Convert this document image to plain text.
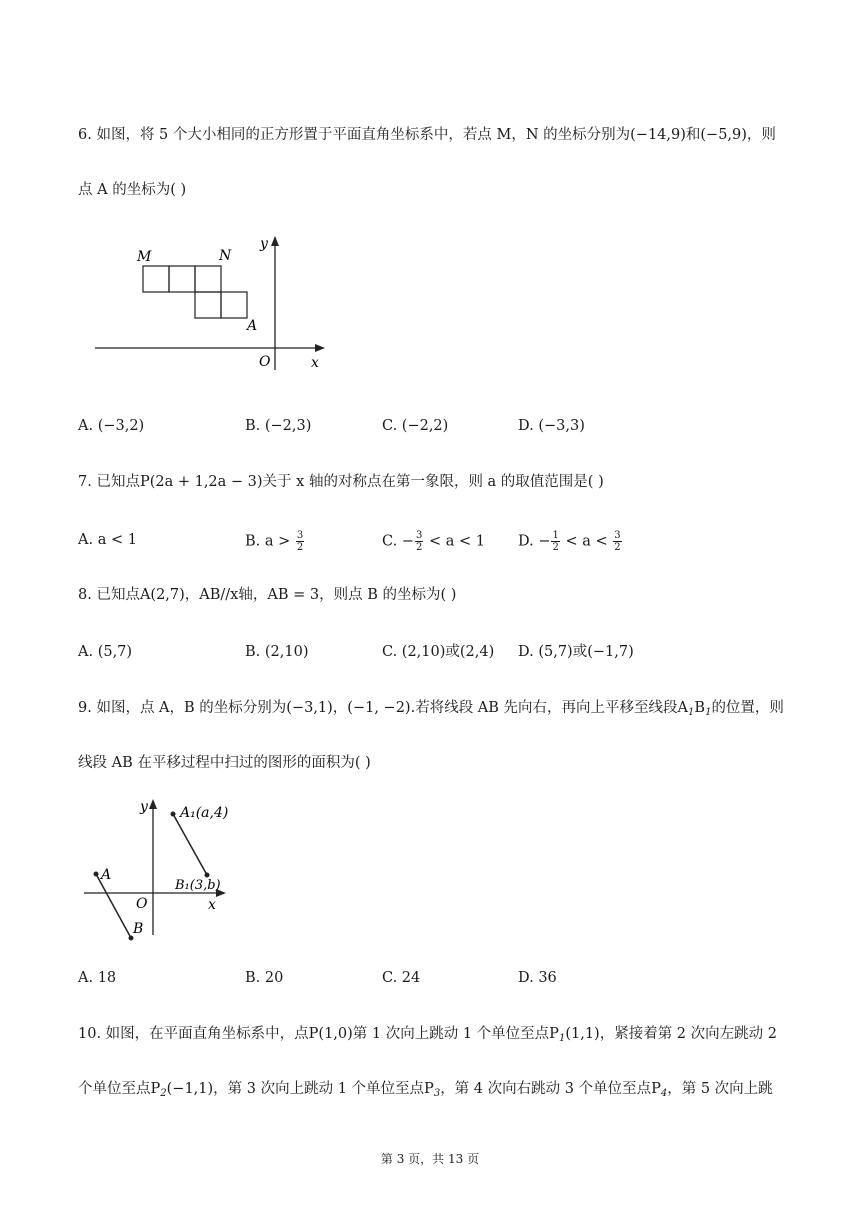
6. 如图，将 5 个大小相同的正方形置于平面直角坐标系中，若点 M，N 的坐标分别为(−14,9)和(−5,9)，则
点 A 的坐标为( )
M	N
A
O	x
y
A. (−3,2)	B. (−2,3)	C. (−2,2)	D. (−3,3)
7. 已知点P(2a + 1,2a − 3)关于 x 轴的对称点在第一象限，则 a 的取值范围是( )
A. a < 1	B. $a > \frac{3}{2}$	C. − $\frac{3}{2} < a < 1$ D. − $\frac{1}{2} < a < \frac{3}{2}$
8. 已知点A(2,7)，AB//x轴，AB = 3，则点 B 的坐标为( )
A. (5,7)	B. (2,10)	C. (2,10)或(2,4) D. (5,7)或(−1,7)
9. 如图，点 A，B 的坐标分别为(−3,1)，(−1, −2).若将线段 AB 先向右，再向上平移至线段$A_1B_1$的位置，则
线段 AB 在平移过程中扫过的图形的面积为( )
A
B
A₁(a,4)
B₁(3,b)
O	x
y
A. 18	B. 20	C. 24	D. 36
10. 如图，在平面直角坐标系中，点P(1,0)第 1 次向上跳动 1 个单位至点$P_1(1,1)$，紧接着第 2 次向左跳动 2
个单位至点$P_2(-1,1)$，第 3 次向上跳动 1 个单位至点$P_3$，第 4 次向右跳动 3 个单位至点$P_4$，第 5 次向上跳
第 3 页，共 13 页
